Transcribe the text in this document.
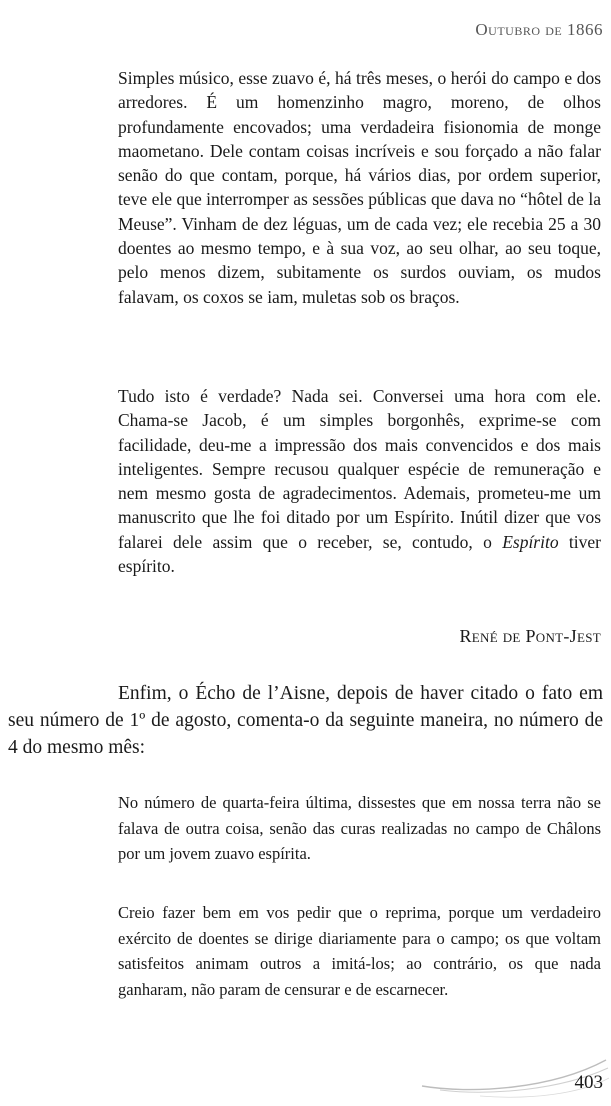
Outubro de 1866

Simples músico, esse zuavo é, há três meses, o herói do campo e dos arredores. É um homenzinho magro, moreno, de olhos profundamente encovados; uma verdadeira fisionomia de monge maometano. Dele contam coisas incríveis e sou forçado a não falar senão do que contam, porque, há vários dias, por ordem superior, teve ele que interromper as sessões públicas que dava no “hôtel de la Meuse”. Vinham de dez léguas, um de cada vez; ele recebia 25 a 30 doentes ao mesmo tempo, e à sua voz, ao seu olhar, ao seu toque, pelo menos dizem, subitamente os surdos ouviam, os mudos falavam, os coxos se iam, muletas sob os braços.

Tudo isto é verdade? Nada sei. Conversei uma hora com ele. Chama-se Jacob, é um simples borgonhês, exprime-se com facilidade, deu-me a impressão dos mais convencidos e dos mais inteligentes. Sempre recusou qualquer espécie de remuneração e nem mesmo gosta de agradecimentos. Ademais, prometeu-me um manuscrito que lhe foi ditado por um Espírito. Inútil dizer que vos falarei dele assim que o receber, se, contudo, o Espírito tiver espírito.

René de Pont-Jest

Enfim, o Écho de l’Aisne, depois de haver citado o fato em seu número de 1º de agosto, comenta-o da seguinte maneira, no número de 4 do mesmo mês:

No número de quarta-feira última, dissestes que em nossa terra não se falava de outra coisa, senão das curas realizadas no campo de Châlons por um jovem zuavo espírita.

Creio fazer bem em vos pedir que o reprima, porque um verdadeiro exército de doentes se dirige diariamente para o campo; os que voltam satisfeitos animam outros a imitá-los; ao contrário, os que nada ganharam, não param de censurar e de escarnecer.

403
